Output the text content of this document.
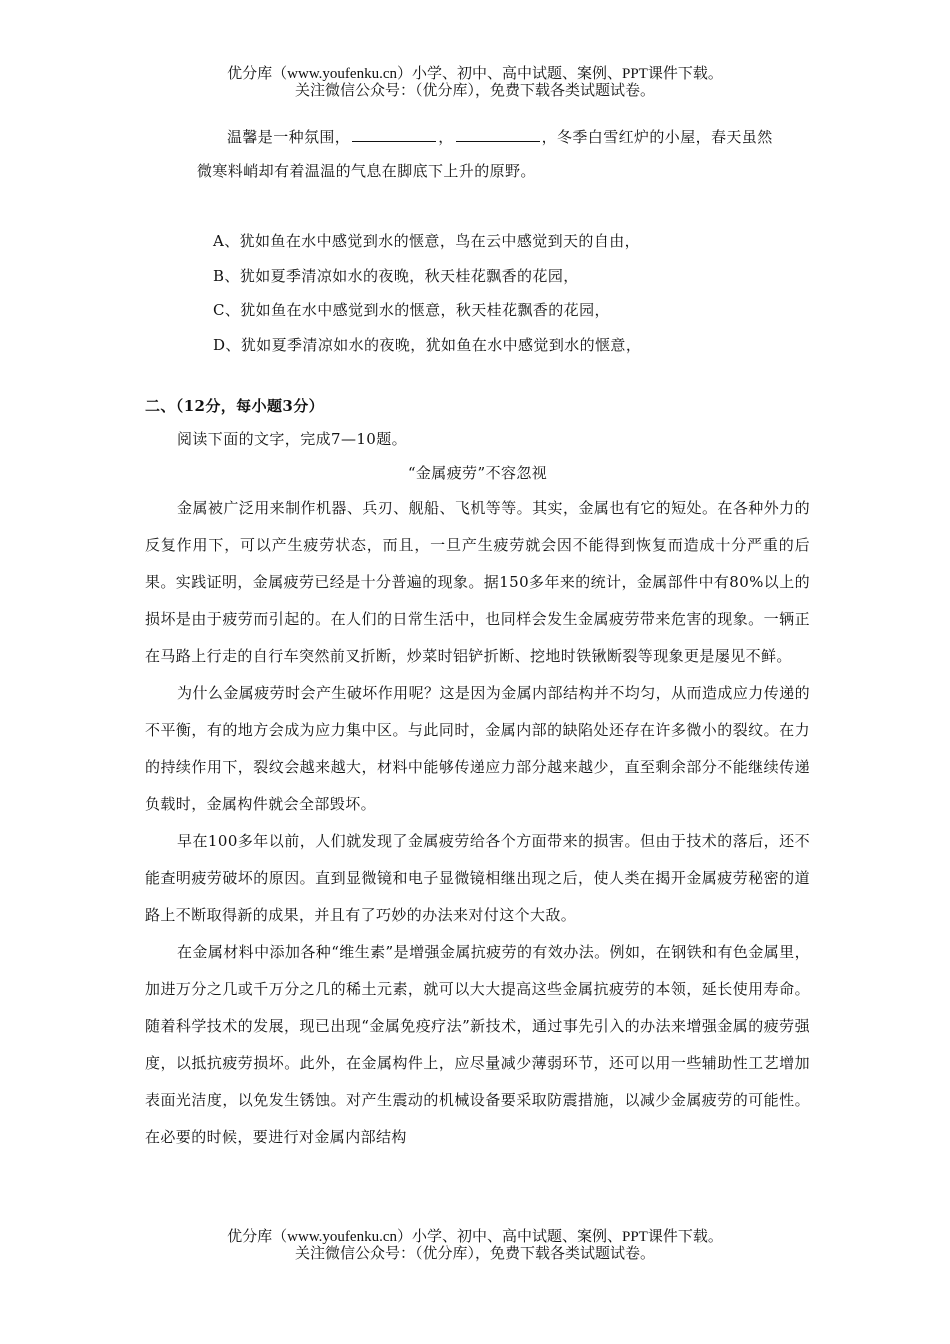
优分库（www.youfenku.cn）小学、初中、高中试题、案例、PPT课件下载。
关注微信公众号：（优分库），免费下载各类试题试卷。
温馨是一种氛围，	，	，冬季白雪红炉的小屋，春天虽然
微寒料峭却有着温温的气息在脚底下上升的原野。
A、犹如鱼在水中感觉到水的惬意，鸟在云中感觉到天的自由，
B、犹如夏季清凉如水的夜晚，秋天桂花飘香的花园，
C、犹如鱼在水中感觉到水的惬意，秋天桂花飘香的花园，
D、犹如夏季清凉如水的夜晚，犹如鱼在水中感觉到水的惬意，
二、（12分，每小题3分）
阅读下面的文字，完成7—10题。
“金属疲劳”不容忽视

金属被广泛用来制作机器、兵刃、舰船、飞机等等。其实，金属也有它的短处。在各种外力的反复作用下，可以产生疲劳状态，而且，一旦产生疲劳就会因不能得到恢复而造成十分严重的后果。实践证明，金属疲劳已经是十分普遍的现象。据150多年来的统计，金属部件中有80%以上的损坏是由于疲劳而引起的。在人们的日常生活中，也同样会发生金属疲劳带来危害的现象。一辆正在马路上行走的自行车突然前叉折断，炒菜时铝铲折断、挖地时铁锹断裂等现象更是屡见不鲜。

为什么金属疲劳时会产生破坏作用呢？这是因为金属内部结构并不均匀，从而造成应力传递的不平衡，有的地方会成为应力集中区。与此同时，金属内部的缺陷处还存在许多微小的裂纹。在力的持续作用下，裂纹会越来越大，材料中能够传递应力部分越来越少，直至剩余部分不能继续传递负载时，金属构件就会全部毁坏。

早在100多年以前，人们就发现了金属疲劳给各个方面带来的损害。但由于技术的落后，还不能查明疲劳破坏的原因。直到显微镜和电子显微镜相继出现之后，使人类在揭开金属疲劳秘密的道路上不断取得新的成果，并且有了巧妙的办法来对付这个大敌。

在金属材料中添加各种“维生素”是增强金属抗疲劳的有效办法。例如，在钢铁和有色金属里，加进万分之几或千万分之几的稀土元素，就可以大大提高这些金属抗疲劳的本领，延长使用寿命。随着科学技术的发展，现已出现“金属免疫疗法”新技术，通过事先引入的办法来增强金属的疲劳强度，以抵抗疲劳损坏。此外，在金属构件上，应尽量减少薄弱环节，还可以用一些辅助性工艺增加表面光洁度，以免发生锈蚀。对产生震动的机械设备要采取防震措施，以减少金属疲劳的可能性。在必要的时候，要进行对金属内部结构

优分库（www.youfenku.cn）小学、初中、高中试题、案例、PPT课件下载。
关注微信公众号：（优分库），免费下载各类试题试卷。
